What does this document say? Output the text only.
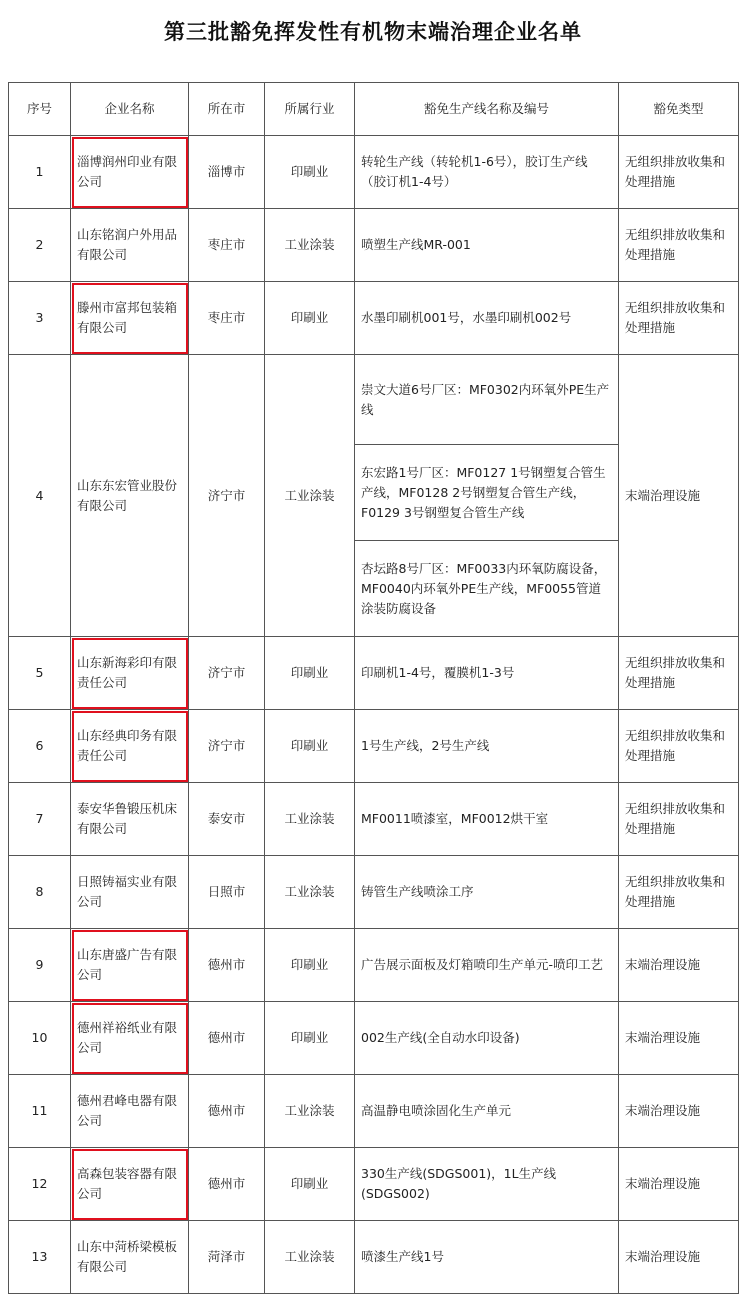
第三批豁免挥发性有机物末端治理企业名单
序号	企业名称	所在市	所属行业	豁免生产线名称及编号	豁免类型
1	淄博润州印业有限公司	淄博市	印刷业	转轮生产线（转轮机1-6号），胶订生产线（胶订机1-4号）	无组织排放收集和处理措施
2	山东铭润户外用品有限公司	枣庄市	工业涂装	喷塑生产线MR-001	无组织排放收集和处理措施
3	滕州市富邦包装箱有限公司	枣庄市	印刷业	水墨印刷机001号，水墨印刷机002号	无组织排放收集和处理措施
4	山东东宏管业股份有限公司	济宁市	工业涂装	崇文大道6号厂区：MF0302内环氧外PE生产线	末端治理设施
				东宏路1号厂区：MF0127 1号钢塑复合管生产线，MF0128 2号钢塑复合管生产线，F0129 3号钢塑复合管生产线	
				杏坛路8号厂区：MF0033内环氧防腐设备，MF0040内环氧外PE生产线，MF0055管道涂装防腐设备	
5	山东新海彩印有限责任公司	济宁市	印刷业	印刷机1-4号，覆膜机1-3号	无组织排放收集和处理措施
6	山东经典印务有限责任公司	济宁市	印刷业	1号生产线，2号生产线	无组织排放收集和处理措施
7	泰安华鲁锻压机床有限公司	泰安市	工业涂装	MF0011喷漆室，MF0012烘干室	无组织排放收集和处理措施
8	日照铸福实业有限公司	日照市	工业涂装	铸管生产线喷涂工序	无组织排放收集和处理措施
9	山东唐盛广告有限公司	德州市	印刷业	广告展示面板及灯箱喷印生产单元-喷印工艺	末端治理设施
10	德州祥裕纸业有限公司	德州市	印刷业	002生产线(全自动水印设备)	末端治理设施
11	德州君峰电器有限公司	德州市	工业涂装	高温静电喷涂固化生产单元	末端治理设施
12	高森包装容器有限公司	德州市	印刷业	330生产线(SDGS001)，1L生产线(SDGS002)	末端治理设施
13	山东中菏桥梁模板有限公司	菏泽市	工业涂装	喷漆生产线1号	末端治理设施
